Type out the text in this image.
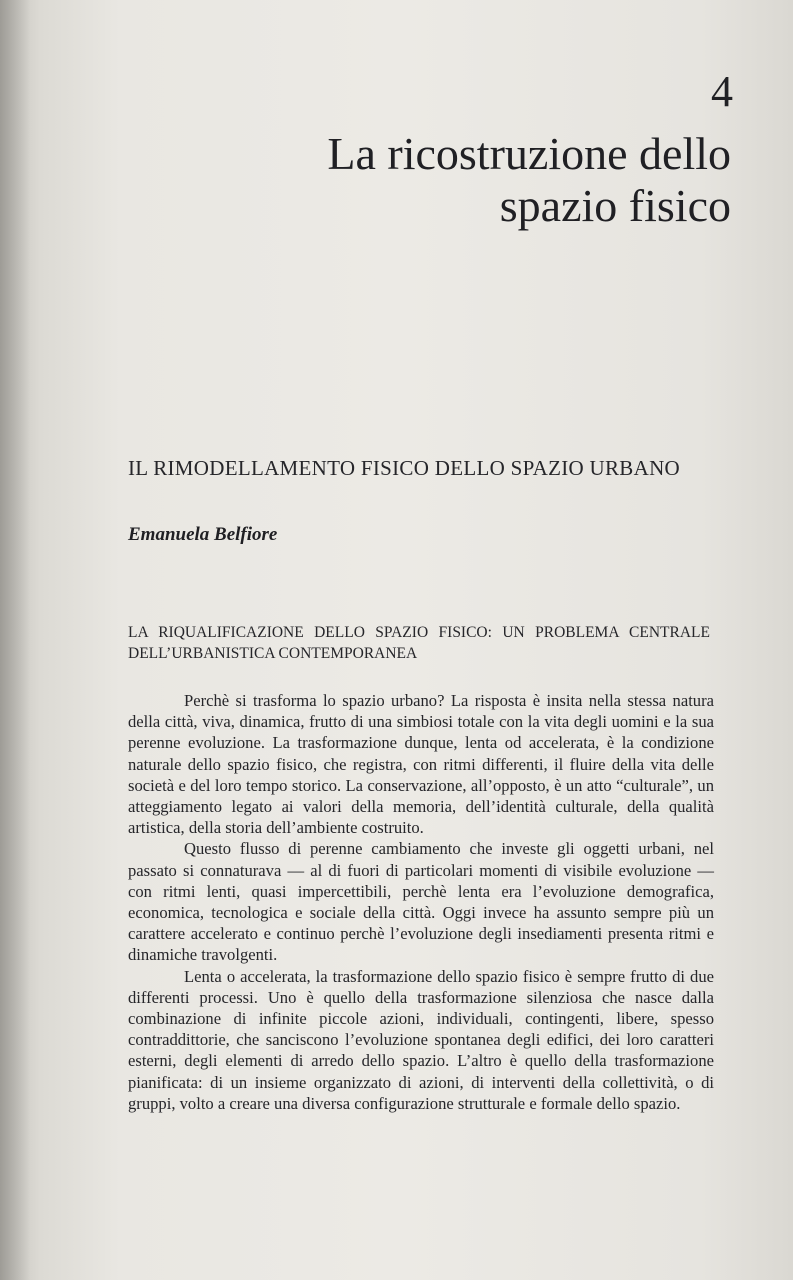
4
La ricostruzione dello
spazio fisico
IL RIMODELLAMENTO FISICO DELLO SPAZIO URBANO
Emanuela Belfiore
LA RIQUALIFICAZIONE DELLO SPAZIO FISICO: UN PROBLEMA CENTRALE DELL’URBANISTICA CONTEMPORANEA

Perchè si trasforma lo spazio urbano? La risposta è insita nella stessa natura della città, viva, dinamica, frutto di una simbiosi totale con la vita degli uomini e la sua perenne evoluzione. La trasformazione dunque, lenta od accelerata, è la condizione naturale dello spazio fisico, che registra, con ritmi differenti, il fluire della vita delle società e del loro tempo storico. La conservazione, all’opposto, è un atto “culturale”, un atteggiamento legato ai valori della memoria, dell’identità culturale, della qualità artistica, della storia dell’ambiente costruito.

Questo flusso di perenne cambiamento che investe gli oggetti urbani, nel passato si connaturava — al di fuori di particolari momenti di visibile evoluzione — con ritmi lenti, quasi impercettibili, perchè lenta era l’evoluzione demografica, economica, tecnologica e sociale della città. Oggi invece ha assunto sempre più un carattere accelerato e continuo perchè l’evoluzione degli insediamenti presenta ritmi e dinamiche travolgenti.

Lenta o accelerata, la trasformazione dello spazio fisico è sempre frutto di due differenti processi. Uno è quello della trasformazione silenziosa che nasce dalla combinazione di infinite piccole azioni, individuali, contingenti, libere, spesso contraddittorie, che sanciscono l’evoluzione spontanea degli edifici, dei loro caratteri esterni, degli elementi di arredo dello spazio. L’altro è quello della trasformazione pianificata: di un insieme organizzato di azioni, di interventi della collettività, o di gruppi, volto a creare una diversa configurazione strutturale e formale dello spazio.
